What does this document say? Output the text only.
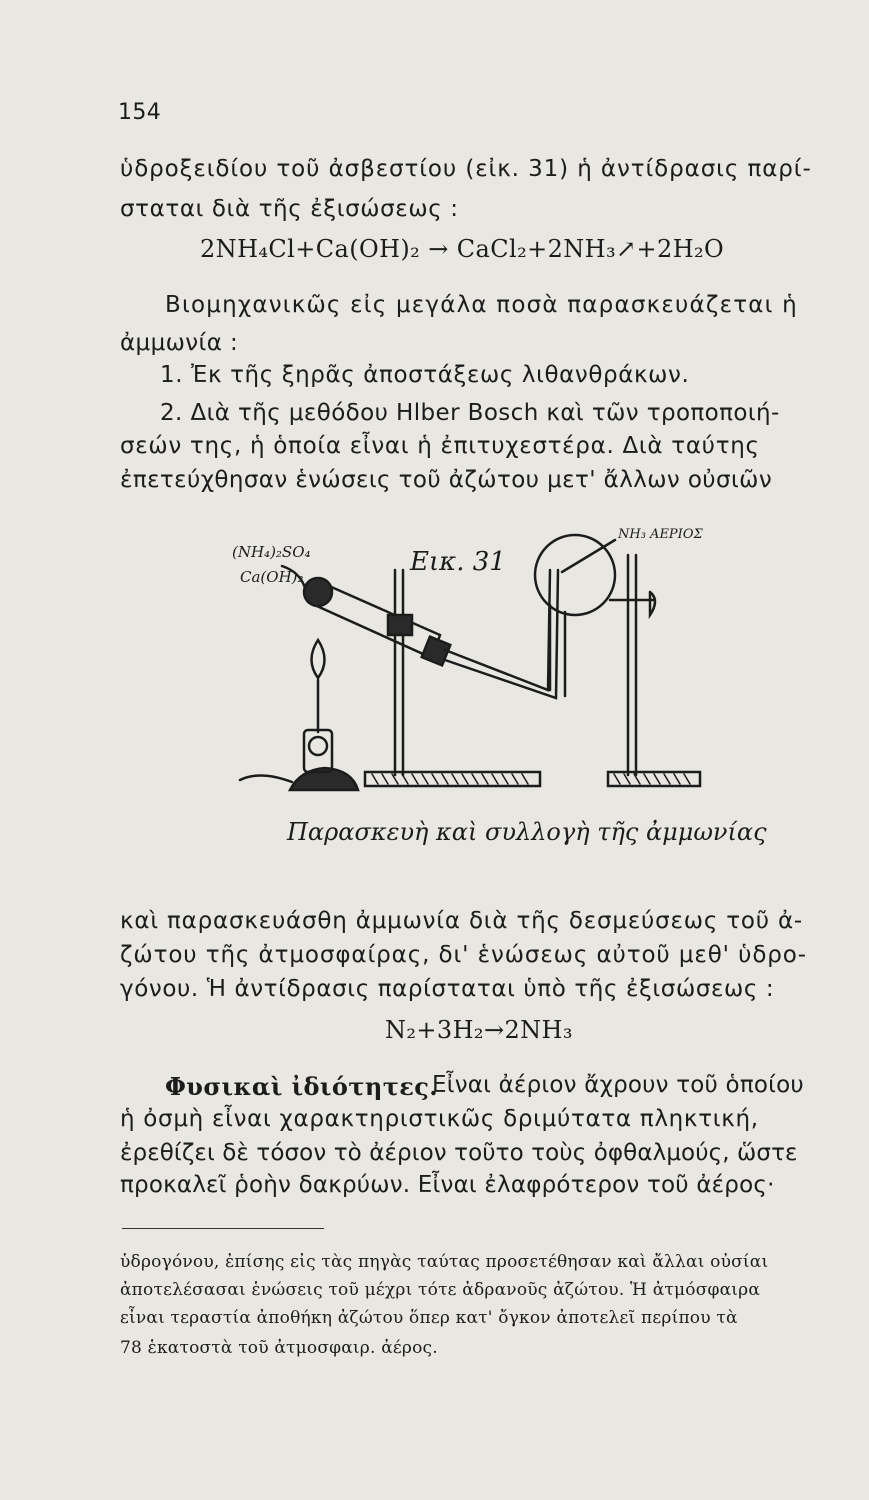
154
ὑδροξειδίου τοῦ ἀσβεστίου (εἰκ. 31) ἡ ἀντίδρασις παρί-
σταται διὰ τῆς ἐξισώσεως :
2NH₄Cl+Ca(OH)₂ → CaCl₂+2NH₃↗+2H₂O
Βιομηχανικῶς εἰς μεγάλα ποσὰ παρασκευάζεται ἡ
ἀμμωνία :
1. Ἐκ τῆς ξηρᾶς ἀποστάξεως λιθανθράκων.
2. Διὰ τῆς μεθόδου Hlber Bosch καὶ τῶν τροποποιή-
σεών της, ἡ ὁποία εἶναι ἡ ἐπιτυχεστέρα. Διὰ ταύτης
ἐπετεύχθησαν ἑνώσεις τοῦ ἀζώτου μετ' ἄλλων οὐσιῶν
Εικ. 31
(NH₄)₂SO₄
Ca(OH)₂
NH₃ ΑΕΡΙΟΣ
Παρασκευὴ καὶ συλλογὴ τῆς ἀμμωνίας
καὶ παρασκευάσθη ἀμμωνία διὰ τῆς δεσμεύσεως τοῦ ἀ-
ζώτου τῆς ἀτμοσφαίρας, δι' ἑνώσεως αὐτοῦ μεθ' ὑδρο-
γόνου. Ἡ ἀντίδρασις παρίσταται ὑπὸ τῆς ἐξισώσεως :
N₂+3H₂→2NH₃
Φυσικαὶ ἰδιότητες.
Εἶναι ἀέριον ἄχρουν τοῦ ὁποίου
ἡ ὀσμὴ εἶναι χαρακτηριστικῶς δριμύτατα πληκτική,
ἐρεθίζει δὲ τόσον τὸ ἀέριον τοῦτο τοὺς ὀφθαλμούς, ὥστε
προκαλεῖ ῥοὴν δακρύων. Εἶναι ἐλαφρότερον τοῦ ἀέρος·
ὑδρογόνου, ἐπίσης εἰς τὰς πηγὰς ταύτας προσετέθησαν καὶ ἄλλαι οὐσίαι
ἀποτελέσασαι ἑνώσεις τοῦ μέχρι τότε ἀδρανοῦς ἀζώτου. Ἡ ἀτμόσφαιρα
εἶναι τεραστία ἀποθήκη ἀζώτου ὅπερ κατ' ὄγκον ἀποτελεῖ περίπου τὰ
78 ἑκατοστὰ τοῦ ἀτμοσφαιρ. ἀέρος.
